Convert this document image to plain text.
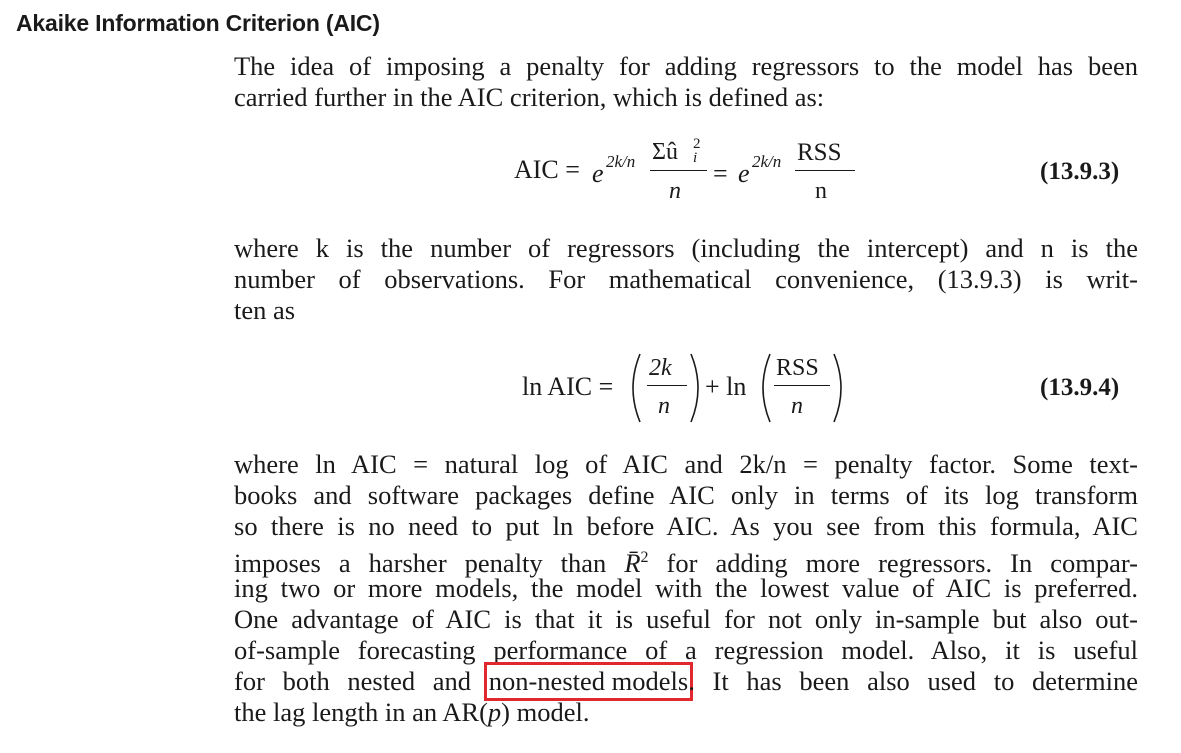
Akaike Information Criterion (AIC)
The idea of imposing a penalty for adding regressors to the model has been
carried further in the AIC criterion, which is defined as:
AIC = e 2k/n Σû 2
i
n
= e 2k/n RSS
n
(13.9.3)
where k is the number of regressors (including the intercept) and n is the
number of observations. For mathematical convenience, (13.9.3) is writ-
ten as
ln AIC =
2k
n
+ ln
RSS
n
(13.9.4)
where ln AIC = natural log of AIC and 2k/n = penalty factor. Some text-
books and software packages define AIC only in terms of its log transform
so there is no need to put ln before AIC. As you see from this formula, AIC
imposes a harsher penalty than R̄$^2$ for adding more regressors. In compar-
ing two or more models, the model with the lowest value of AIC is preferred.
One advantage of AIC is that it is useful for not only in-sample but also out-
of-sample forecasting performance of a regression model. Also, it is useful
for both nested and non-nested models. It has been also used to determine
the lag length in an AR(p) model.
